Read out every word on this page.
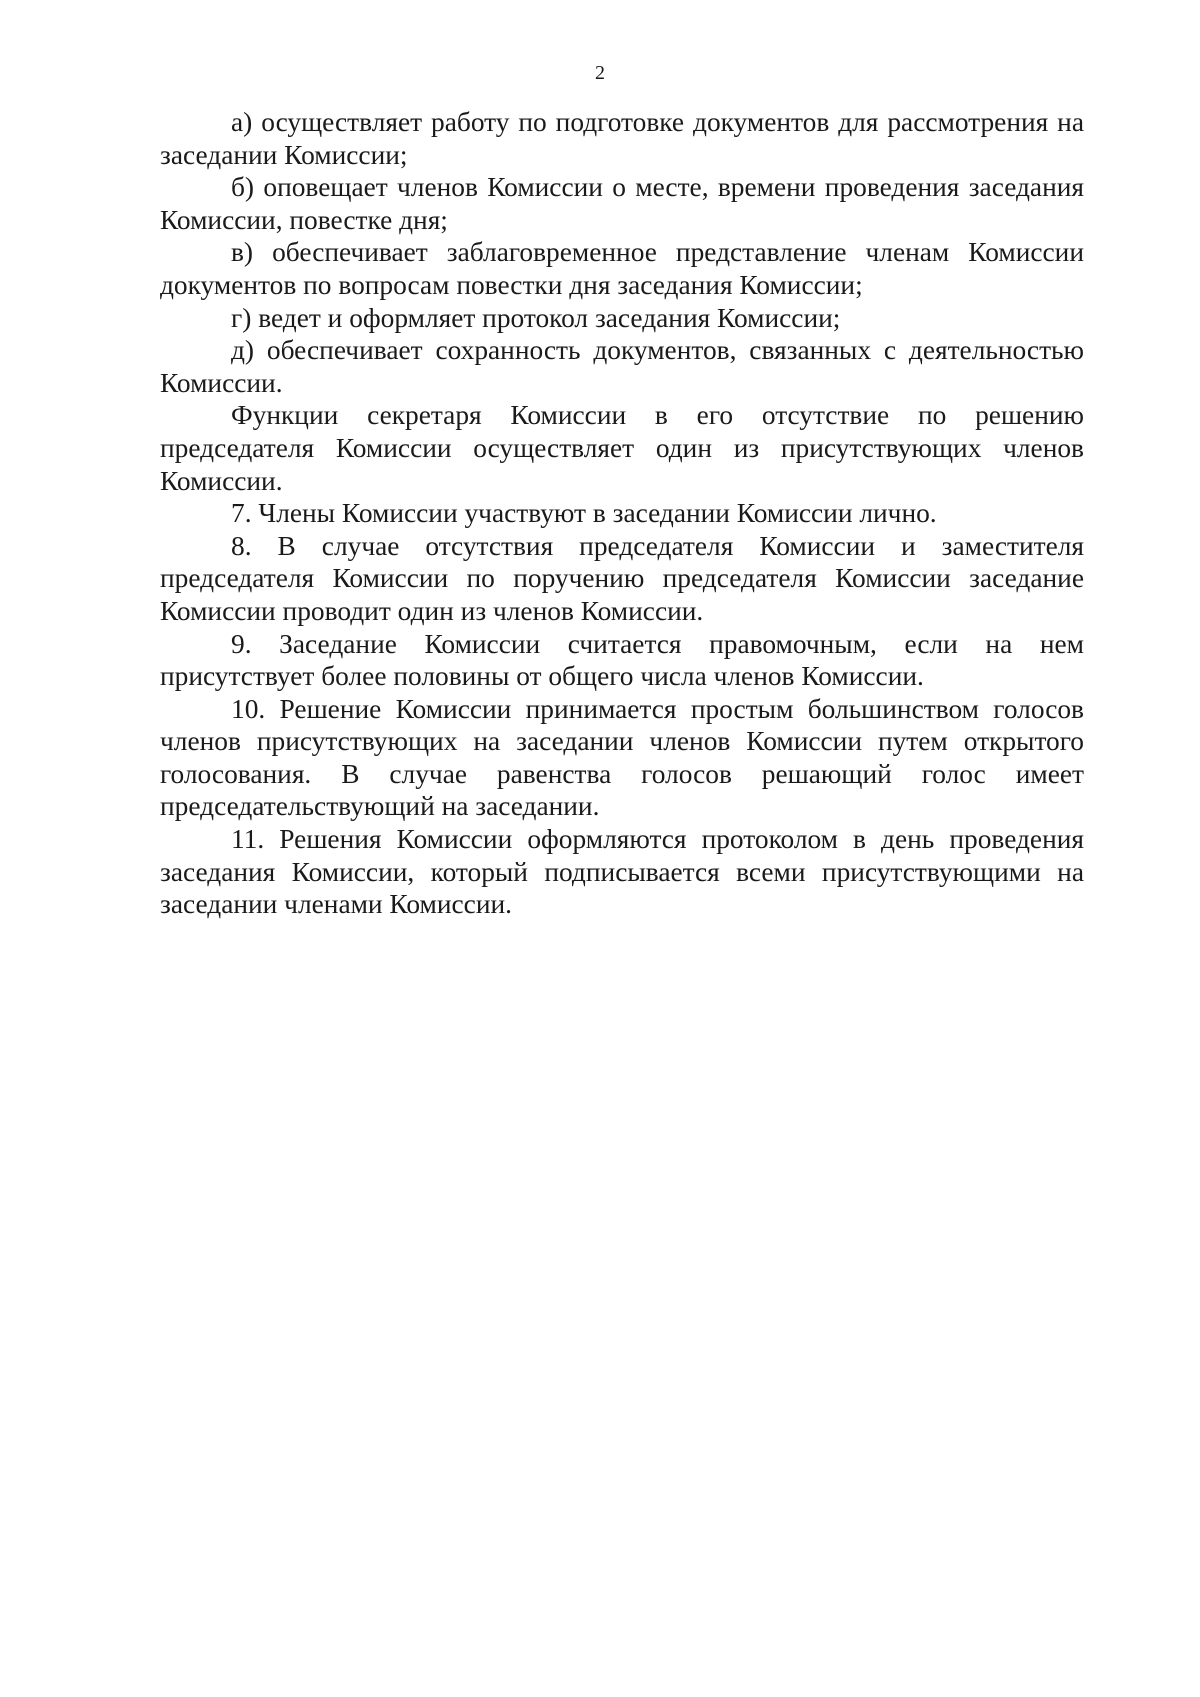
2

а) осуществляет работу по подготовке документов для рассмотрения на заседании Комиссии;

б) оповещает членов Комиссии о месте, времени проведения заседания Комиссии, повестке дня;

в) обеспечивает заблаговременное представление членам Комиссии документов по вопросам повестки дня заседания Комиссии;

г) ведет и оформляет протокол заседания Комиссии;

д) обеспечивает сохранность документов, связанных с деятельностью Комиссии.

Функции секретаря Комиссии в его отсутствие по решению председателя Комиссии осуществляет один из присутствующих членов Комиссии.

7. Члены Комиссии участвуют в заседании Комиссии лично.

8. В случае отсутствия председателя Комиссии и заместителя председателя Комиссии по поручению председателя Комиссии заседание Комиссии проводит один из членов Комиссии.

9. Заседание Комиссии считается правомочным, если на нем присутствует более половины от общего числа членов Комиссии.

10. Решение Комиссии принимается простым большинством голосов членов присутствующих на заседании членов Комиссии путем открытого голосования. В случае равенства голосов решающий голос имеет председательствующий на заседании.

11. Решения Комиссии оформляются протоколом в день проведения заседания Комиссии, который подписывается всеми присутствующими на заседании членами Комиссии.
